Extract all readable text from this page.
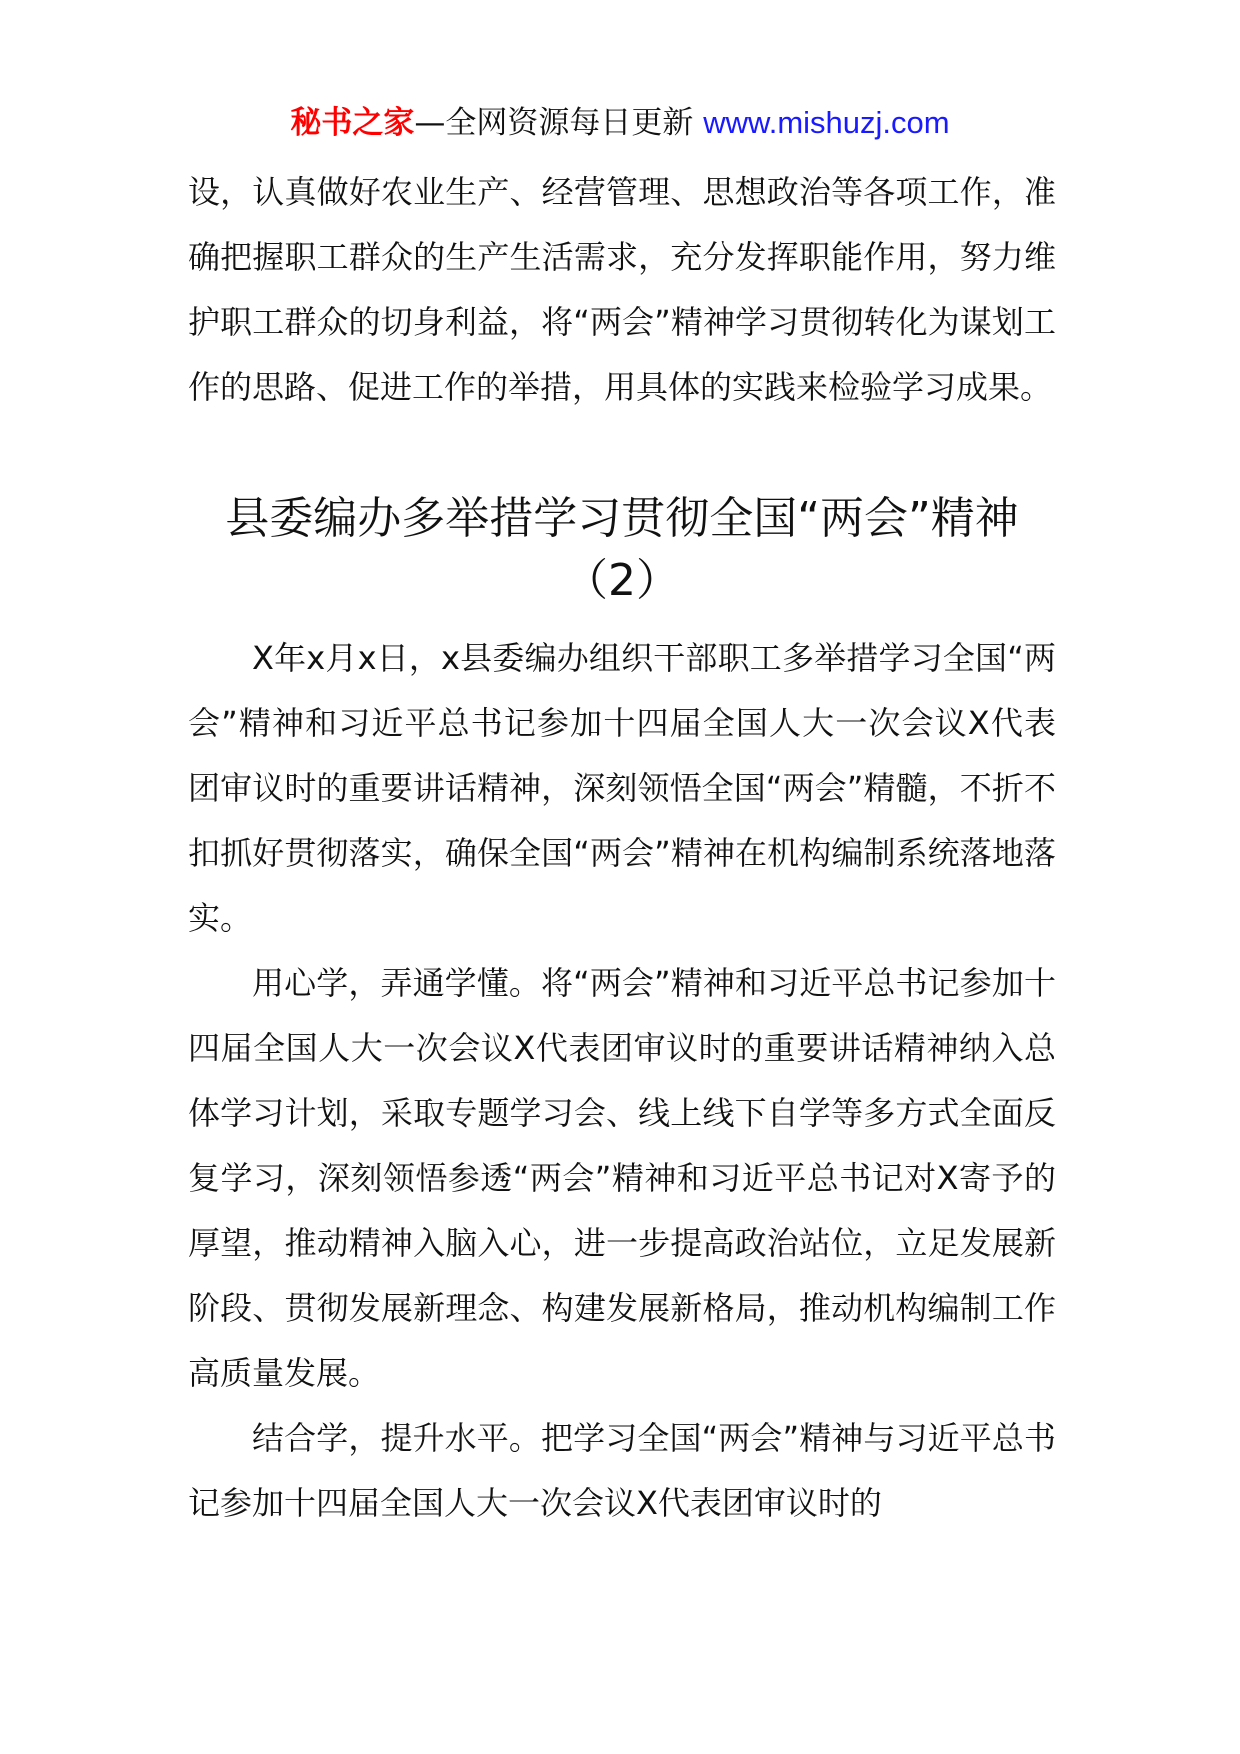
秘书之家—全网资源每日更新 www.mishuzj.com

设，认真做好农业生产、经营管理、思想政治等各项工作，准确把握职工群众的生产生活需求，充分发挥职能作用，努力维护职工群众的切身利益，将“两会”精神学习贯彻转化为谋划工作的思路、促进工作的举措，用具体的实践来检验学习成果。

县委编办多举措学习贯彻全国“两会”精神（2）

X年x月x日，x县委编办组织干部职工多举措学习全国“两会”精神和习近平总书记参加十四届全国人大一次会议X代表团审议时的重要讲话精神，深刻领悟全国“两会”精髓，不折不扣抓好贯彻落实，确保全国“两会”精神在机构编制系统落地落实。

用心学，弄通学懂。将“两会”精神和习近平总书记参加十四届全国人大一次会议X代表团审议时的重要讲话精神纳入总体学习计划，采取专题学习会、线上线下自学等多方式全面反复学习，深刻领悟参透“两会”精神和习近平总书记对X寄予的厚望，推动精神入脑入心，进一步提高政治站位，立足发展新阶段、贯彻发展新理念、构建发展新格局，推动机构编制工作高质量发展。

结合学，提升水平。把学习全国“两会”精神与习近平总书记参加十四届全国人大一次会议X代表团审议时的
